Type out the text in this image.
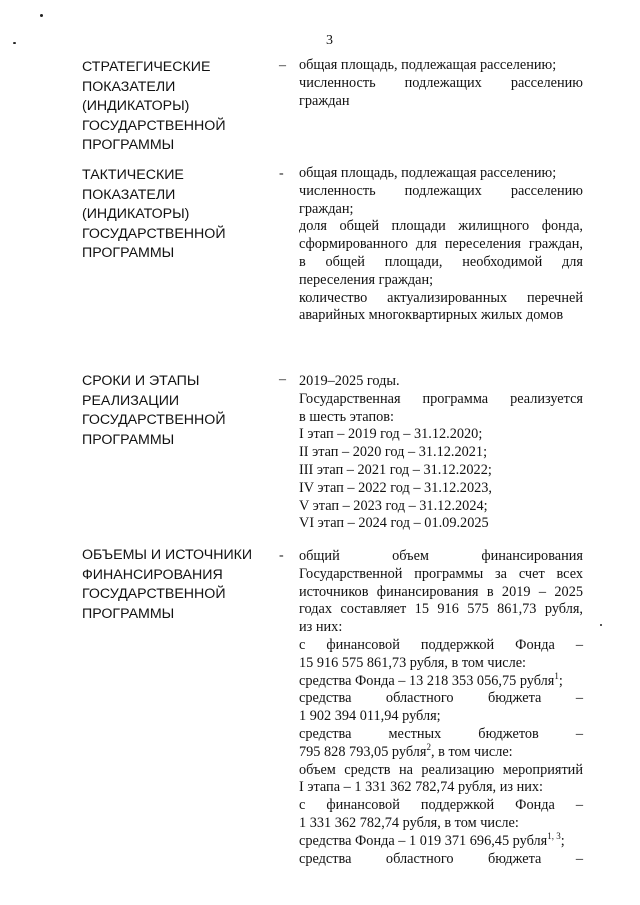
3
СТРАТЕГИЧЕСКИЕ
ПОКАЗАТЕЛИ
(ИНДИКАТОРЫ)
ГОСУДАРСТВЕННОЙ
ПРОГРАММЫ
– общая площадь, подлежащая расселению;
численность подлежащих расселению
граждан
ТАКТИЧЕСКИЕ
ПОКАЗАТЕЛИ
(ИНДИКАТОРЫ)
ГОСУДАРСТВЕННОЙ
ПРОГРАММЫ
- общая площадь, подлежащая расселению;
численность подлежащих расселению
граждан;
доля общей площади жилищного фонда,
сформированного для переселения граждан,
в общей площади, необходимой для
переселения граждан;
количество актуализированных перечней
аварийных многоквартирных жилых домов
СРОКИ И ЭТАПЫ
РЕАЛИЗАЦИИ
ГОСУДАРСТВЕННОЙ
ПРОГРАММЫ
– 2019–2025 годы.
Государственная программа реализуется
в шесть этапов:
I этап – 2019 год – 31.12.2020;
II этап – 2020 год – 31.12.2021;
III этап – 2021 год – 31.12.2022;
IV этап – 2022 год – 31.12.2023,
V этап – 2023 год – 31.12.2024;
VI этап – 2024 год – 01.09.2025
ОБЪЕМЫ И ИСТОЧНИКИ
ФИНАНСИРОВАНИЯ
ГОСУДАРСТВЕННОЙ
ПРОГРАММЫ
- общий объем финансирования
Государственной программы за счет всех
источников финансирования в 2019 – 2025
годах составляет 15 916 575 861,73 рубля,
из них:
с финансовой поддержкой Фонда –
15 916 575 861,73 рубля, в том числе:
средства Фонда – 13 218 353 056,75 рубля$^1$;
средства областного бюджета –
1 902 394 011,94 рубля;
средства местных бюджетов –
795 828 793,05 рубля$^2$, в том числе:
объем средств на реализацию мероприятий
I этапа – 1 331 362 782,74 рубля, из них:
с финансовой поддержкой Фонда –
1 331 362 782,74 рубля, в том числе:
средства Фонда – 1 019 371 696,45 рубля$^{1, 3}$;
средства областного бюджета –
